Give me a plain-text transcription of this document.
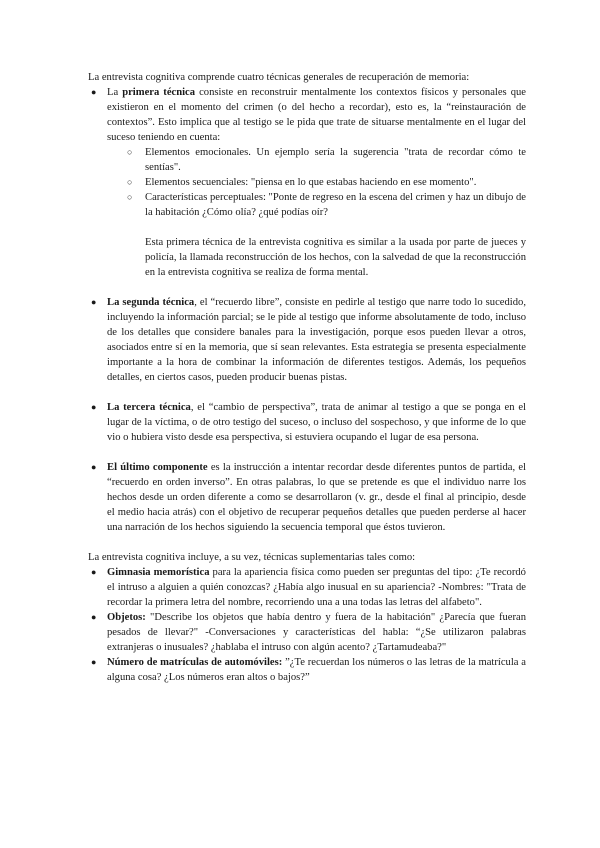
La entrevista cognitiva comprende cuatro técnicas generales de recuperación de memoria:

● La primera técnica consiste en reconstruir mentalmente los contextos físicos y personales que existieron en el momento del crimen (o del hecho a recordar), esto es, la “reinstauración de contextos”. Esto implica que al testigo se le pida que trate de situarse mentalmente en el lugar del suceso teniendo en cuenta:
○ Elementos emocionales. Un ejemplo sería la sugerencia "trata de recordar cómo te sentías".
○ Elementos secuenciales: "piensa en lo que estabas haciendo en ese momento".
○ Características perceptuales: "Ponte de regreso en la escena del crimen y haz un dibujo de la habitación ¿Cómo olía? ¿qué podías oír?

Esta primera técnica de la entrevista cognitiva es similar a la usada por parte de jueces y policía, la llamada reconstrucción de los hechos, con la salvedad de que la reconstrucción en la entrevista cognitiva se realiza de forma mental.

● La segunda técnica, el “recuerdo libre”, consiste en pedirle al testigo que narre todo lo sucedido, incluyendo la información parcial; se le pide al testigo que informe absolutamente de todo, incluso de los detalles que considere banales para la investigación, porque esos pueden llevar a otros, asociados entre sí en la memoria, que sí sean relevantes. Esta estrategia se presenta especialmente importante a la hora de combinar la información de diferentes testigos. Además, los pequeños detalles, en ciertos casos, pueden producir buenas pistas.
● La tercera técnica, el “cambio de perspectiva”, trata de animar al testigo a que se ponga en el lugar de la víctima, o de otro testigo del suceso, o incluso del sospechoso, y que informe de lo que vio o hubiera visto desde esa perspectiva, si estuviera ocupando el lugar de esa persona.
● El último componente es la instrucción a intentar recordar desde diferentes puntos de partida, el “recuerdo en orden inverso”. En otras palabras, lo que se pretende es que el individuo narre los hechos desde un orden diferente a como se desarrollaron (v. gr., desde el final al principio, desde el medio hacia atrás) con el objetivo de recuperar pequeños detalles que pueden perderse al hacer una narración de los hechos siguiendo la secuencia temporal que éstos tuvieron.

La entrevista cognitiva incluye, a su vez, técnicas suplementarias tales como:

● Gimnasia memorística para la apariencia física como pueden ser preguntas del tipo: ¿Te recordó el intruso a alguien a quién conozcas? ¿Había algo inusual en su apariencia? -Nombres: "Trata de recordar la primera letra del nombre, recorriendo una a una todas las letras del alfabeto".
● Objetos: "Describe los objetos que había dentro y fuera de la habitación" ¿Parecía que fueran pesados de llevar?" -Conversaciones y características del habla: “¿Se utilizaron palabras extranjeras o inusuales? ¿hablaba el intruso con algún acento? ¿Tartamudeaba?"
● Número de matrículas de automóviles: ”¿Te recuerdan los números o las letras de la matrícula a alguna cosa? ¿Los números eran altos o bajos?”
